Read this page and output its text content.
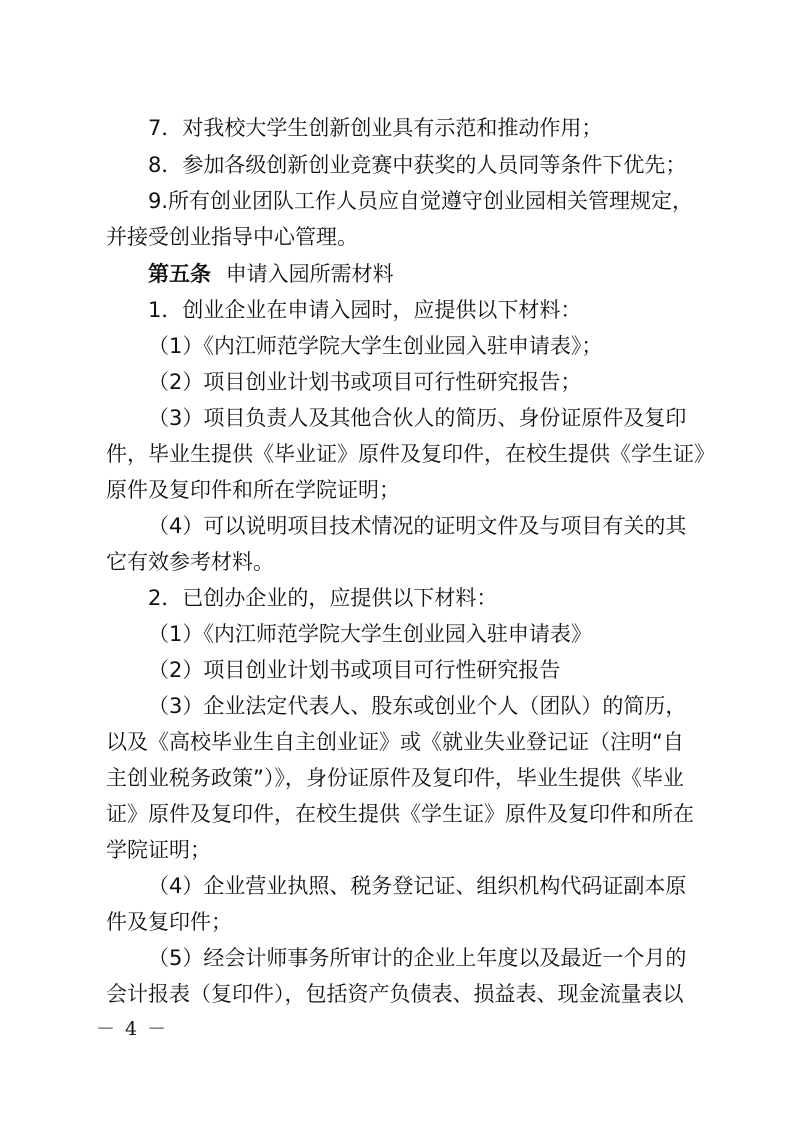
7．对我校大学生创新创业具有示范和推动作用；
8．参加各级创新创业竞赛中获奖的人员同等条件下优先；
9.所有创业团队工作人员应自觉遵守创业园相关管理规定，
并接受创业指导中心管理。
第五条 申请入园所需材料
1．创业企业在申请入园时，应提供以下材料：
（1）《内江师范学院大学生创业园入驻申请表》；
（2）项目创业计划书或项目可行性研究报告；
（3）项目负责人及其他合伙人的简历、身份证原件及复印
件，毕业生提供《毕业证》原件及复印件，在校生提供《学生证》
原件及复印件和所在学院证明；
（4）可以说明项目技术情况的证明文件及与项目有关的其
它有效参考材料。
2．已创办企业的，应提供以下材料：
（1）《内江师范学院大学生创业园入驻申请表》
（2）项目创业计划书或项目可行性研究报告
（3）企业法定代表人、股东或创业个人（团队）的简历，
以及《高校毕业生自主创业证》或《就业失业登记证（注明“自
主创业税务政策”）》，身份证原件及复印件，毕业生提供《毕业
证》原件及复印件，在校生提供《学生证》原件及复印件和所在
学院证明；
（4）企业营业执照、税务登记证、组织机构代码证副本原
件及复印件；
（5）经会计师事务所审计的企业上年度以及最近一个月的
会计报表（复印件），包括资产负债表、损益表、现金流量表以
－ 4 －
